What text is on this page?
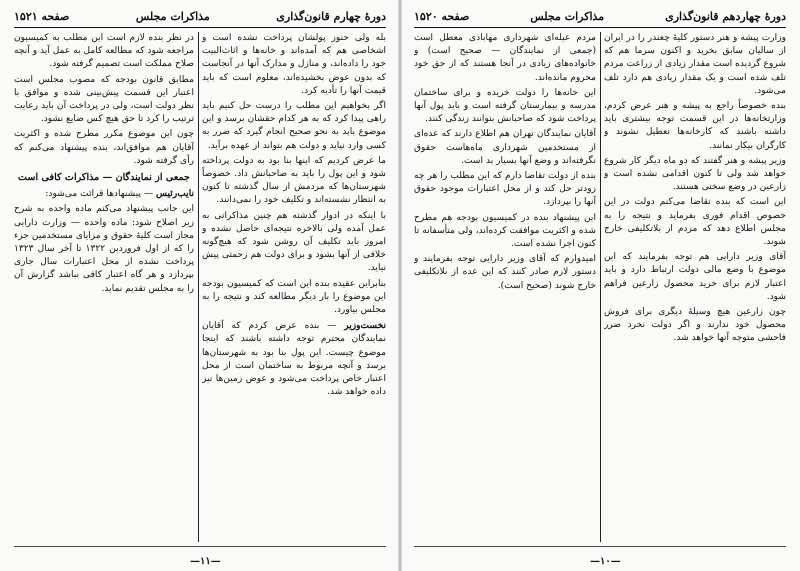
دورهٔ چهارم قانون‌گذاری
مذاکرات مجلس
صفحه ۱۵۲۱

بله ولی حنوز پولشان پرداخت نشده است و اشخاصی هم که آمده‌اند و خانه‌ها و اثاث‌البیت خود را داده‌اند، و منازل و مدارک آنها در آنجاست که بدون عوض بخشیده‌اند، معلوم است که باید قیمت آنها را تأدیه کرد.

اگر بخواهیم این مطلب را درست حل کنیم باید راهی پیدا کرد که به هر کدام حقشان برسد و این موضوع باید به نحو صحیح انجام گیرد که ضرر به کسی وارد نیاید و دولت هم بتواند از عهده برآید.

ما عرض کردیم که اینها بنا بود به دولت پرداخته شود و این پول را باید به صاحبانش داد. خصوصاً شهرستان‌ها که مردمش از سال گذشته تا کنون به انتظار نشسته‌اند و تکلیف خود را نمی‌دانند.

با اینکه در ادوار گذشته هم چنین مذاکراتی به عمل آمده ولی بالاخره نتیجه‌ای حاصل نشده و امروز باید تکلیف آن روشن شود که هیچ‌گونه خلافی از آنها بشود و برای دولت هم زحمتی پیش نیاید.

بنابراین عقیده بنده این است که کمیسیون بودجه این موضوع را بار دیگر مطالعه کند و نتیجه را به مجلس بیاورد.

نخست‌وزیر — بنده عرض کردم که آقایان نمایندگان محترم توجه داشته باشند که اینجا موضوع چیست. این پول بنا بود به شهرستان‌ها برسد و آنچه مربوط به ساختمان است از محل اعتبار خاص پرداخت می‌شود و عوض زمین‌ها نیز داده خواهد شد.

در نظر بنده لازم است این مطلب به کمیسیون مراجعه شود که مطالعه کامل به عمل آید و آنچه صلاح مملکت است تصمیم گرفته شود.

مطابق قانون بودجه که مصوب مجلس است اعتبار این قسمت پیش‌بینی شده و موافق با نظر دولت است، ولی در پرداخت آن باید رعایت ترتیب را کرد تا حق هیچ کس ضایع نشود.

چون این موضوع مکرر مطرح شده و اکثریت آقایان هم موافق‌اند، بنده پیشنهاد می‌کنم که رأی گرفته شود.

جمعی از نمایندگان — مذاکرات کافی است

نایب‌رئیس — پیشنهادها قرائت می‌شود:

این جانب پیشنهاد می‌کنم ماده واحده به شرح زیر اصلاح شود: ماده واحده — وزارت دارایی مجاز است کلیهٔ حقوق و مزایای مستخدمین جزء را که از اول فروردین ۱۳۲۲ تا آخر سال ۱۳۲۳ پرداخت نشده از محل اعتبارات سال جاری بپردازد و هر گاه اعتبار کافی نباشد گزارش آن را به مجلس تقدیم نماید.

—۱۱—
دورهٔ چهاردهم قانون‌گذاری
مذاکرات مجلس
صفحه ۱۵۲۰

وزارت پیشه و هنر دستور کلیهٔ چغندر را در ایران از سالیان سابق بخرید و اکنون سرما هم که شروع گردیده است مقدار زیادی از زراعت مردم تلف شده است و یک مقدار زیادی هم دارد تلف می‌شود.

بنده خصوصاً راجع به پیشه و هنر عرض کردم، وزارتخانه‌ها در این قسمت توجه بیشتری باید داشته باشند که کارخانه‌ها تعطیل نشوند و کارگران بیکار نمانند.

وزیر پیشه و هنر گفتند که دو ماه دیگر کار شروع خواهد شد ولی تا کنون اقدامی نشده است و زارعین در وضع سختی هستند.

این است که بنده تقاضا می‌کنم دولت در این خصوص اقدام فوری بفرماید و نتیجه را به مجلس اطلاع دهد که مردم از بلاتکلیفی خارج شوند.

آقای وزیر دارایی هم توجه بفرمایند که این موضوع با وضع مالی دولت ارتباط دارد و باید اعتبار لازم برای خرید محصول زارعین فراهم شود.

چون زارعین هیچ وسیلهٔ دیگری برای فروش محصول خود ندارند و اگر دولت نخرد ضرر فاحشی متوجه آنها خواهد شد.

مردم عیله‌ای شهرداری مهابادی معطل است (جمعی از نمایندگان — صحیح است) و خانواده‌های زیادی در آنجا هستند که از حق خود محروم مانده‌اند.

این خانه‌ها را دولت خریده و برای ساختمان مدرسه و بیمارستان گرفته است و باید پول آنها پرداخت شود که صاحبانش بتوانند زندگی کنند.

آقایان نمایندگان تهران هم اطلاع دارند که عده‌ای از مستخدمین شهرداری ماه‌هاست حقوق نگرفته‌اند و وضع آنها بسیار بد است.

بنده از دولت تقاضا دارم که این مطلب را هر چه زودتر حل کند و از محل اعتبارات موجود حقوق آنها را بپردازد.

این پیشنهاد بنده در کمیسیون بودجه هم مطرح شده و اکثریت موافقت کرده‌اند، ولی متأسفانه تا کنون اجرا نشده است.

امیدوارم که آقای وزیر دارایی توجه بفرمایند و دستور لازم صادر کنند که این عده از بلاتکلیفی خارج شوند (صحیح است).

—۱۰—
